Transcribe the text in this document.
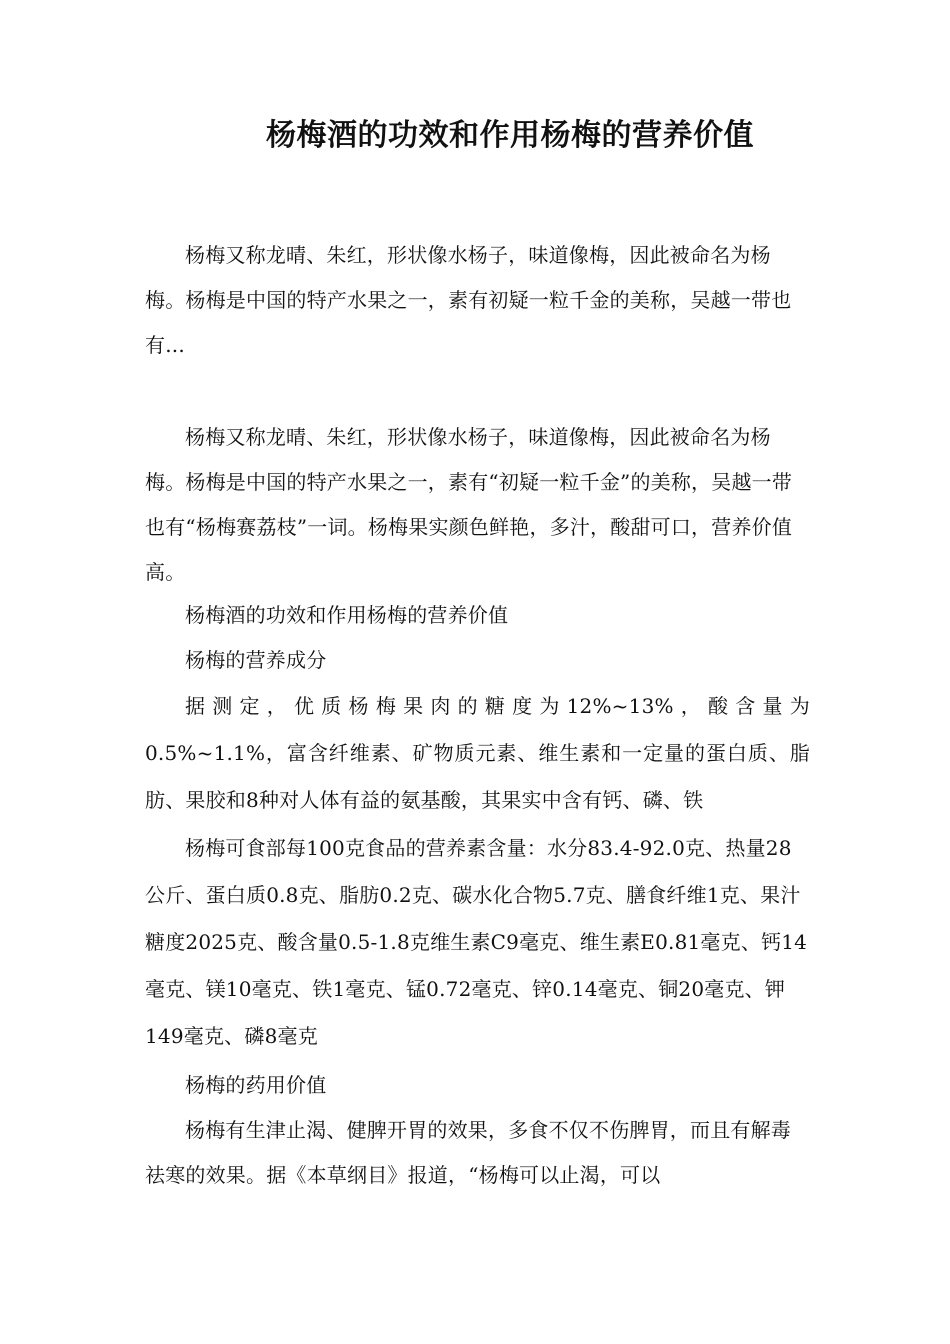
杨梅酒的功效和作用杨梅的营养价值

杨梅又称龙晴、朱红，形状像水杨子，味道像梅，因此被命名为杨梅。杨梅是中国的特产水果之一，素有初疑一粒千金的美称，吴越一带也有...

杨梅又称龙晴、朱红，形状像水杨子，味道像梅，因此被命名为杨梅。杨梅是中国的特产水果之一，素有“初疑一粒千金”的美称，吴越一带也有“杨梅赛荔枝”一词。杨梅果实颜色鲜艳，多汁，酸甜可口，营养价值高。

杨梅酒的功效和作用杨梅的营养价值

杨梅的营养成分

据测定，优质杨梅果肉的糖度为12%~13%，酸含量为0.5%~1.1%，富含纤维素、矿物质元素、维生素和一定量的蛋白质、脂肪、果胶和8种对人体有益的氨基酸，其果实中含有钙、磷、铁

杨梅可食部每100克食品的营养素含量：水分83.4-92.0克、热量28公斤、蛋白质0.8克、脂肪0.2克、碳水化合物5.7克、膳食纤维1克、果汁糖度2025克、酸含量0.5-1.8克维生素C9毫克、维生素E0.81毫克、钙14毫克、镁10毫克、铁1毫克、锰0.72毫克、锌0.14毫克、铜20毫克、钾149毫克、磷8毫克

杨梅的药用价值

杨梅有生津止渴、健脾开胃的效果，多食不仅不伤脾胃，而且有解毒祛寒的效果。据《本草纲目》报道，“杨梅可以止渴，可以
